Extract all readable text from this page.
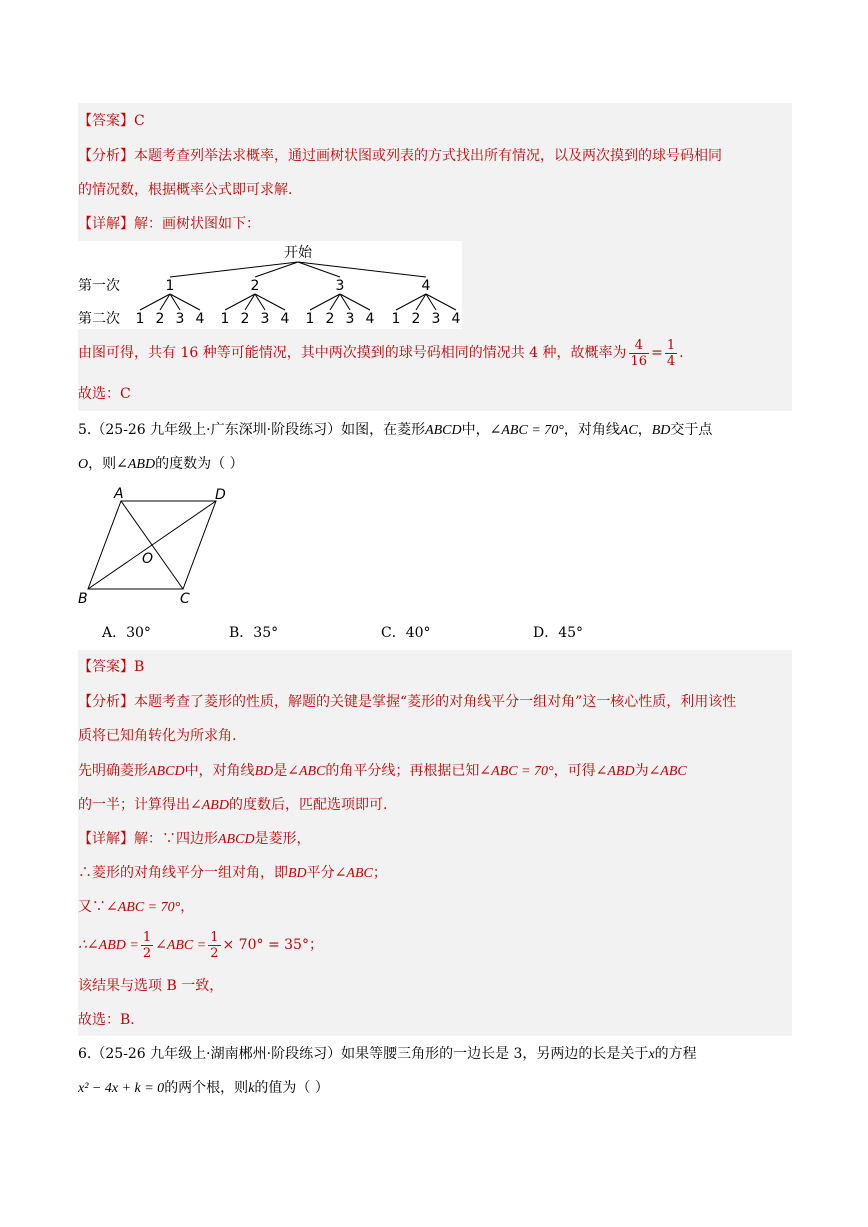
【答案】C
【分析】本题考查列举法求概率，通过画树状图或列表的方式找出所有情况，以及两次摸到的球号码相同
的情况数，根据概率公式即可求解.
【详解】解：画树状图如下：
开始
第一次
第二次
1
1 2 3 4
2
1 2 3 4
3
1 2 3 4
4
1 2 3 4
由图可得，共有 16 种等可能情况，其中两次摸到的球号码相同的情况共 4 种，故概率为 $\frac{4}{16} = \frac{1}{4}$ .
故选：C
5.（25-26 九年级上·广东深圳·阶段练习）如图，在菱形ABCD中，∠ABC = 70°，对角线AC，BD交于点
O，则∠ABD的度数为（ ）
A	D
B	C
O
A．30°	B．35°	C．40°	D．45°
【答案】B
【分析】本题考查了菱形的性质，解题的关键是掌握“菱形的对角线平分一组对角”这一核心性质，利用该性
质将已知角转化为所求角.
先明确菱形ABCD中，对角线BD是∠ABC的角平分线；再根据已知∠ABC = 70°，可得∠ABD为∠ABC
的一半；计算得出∠ABD的度数后，匹配选项即可.
【详解】解：∵四边形ABCD是菱形，
∴菱形的对角线平分一组对角，即BD平分∠ABC；
又∵∠ABC = 70°，
∴∠ABD = $\frac{1}{2}$ ∠ABC = $\frac{1}{2} \times 70^\circ = 35^\circ$；
该结果与选项 B 一致，
故选：B.
6.（25-26 九年级上·湖南郴州·阶段练习）如果等腰三角形的一边长是 3，另两边的长是关于x的方程
x² − 4x + k = 0的两个根，则k的值为（ ）
